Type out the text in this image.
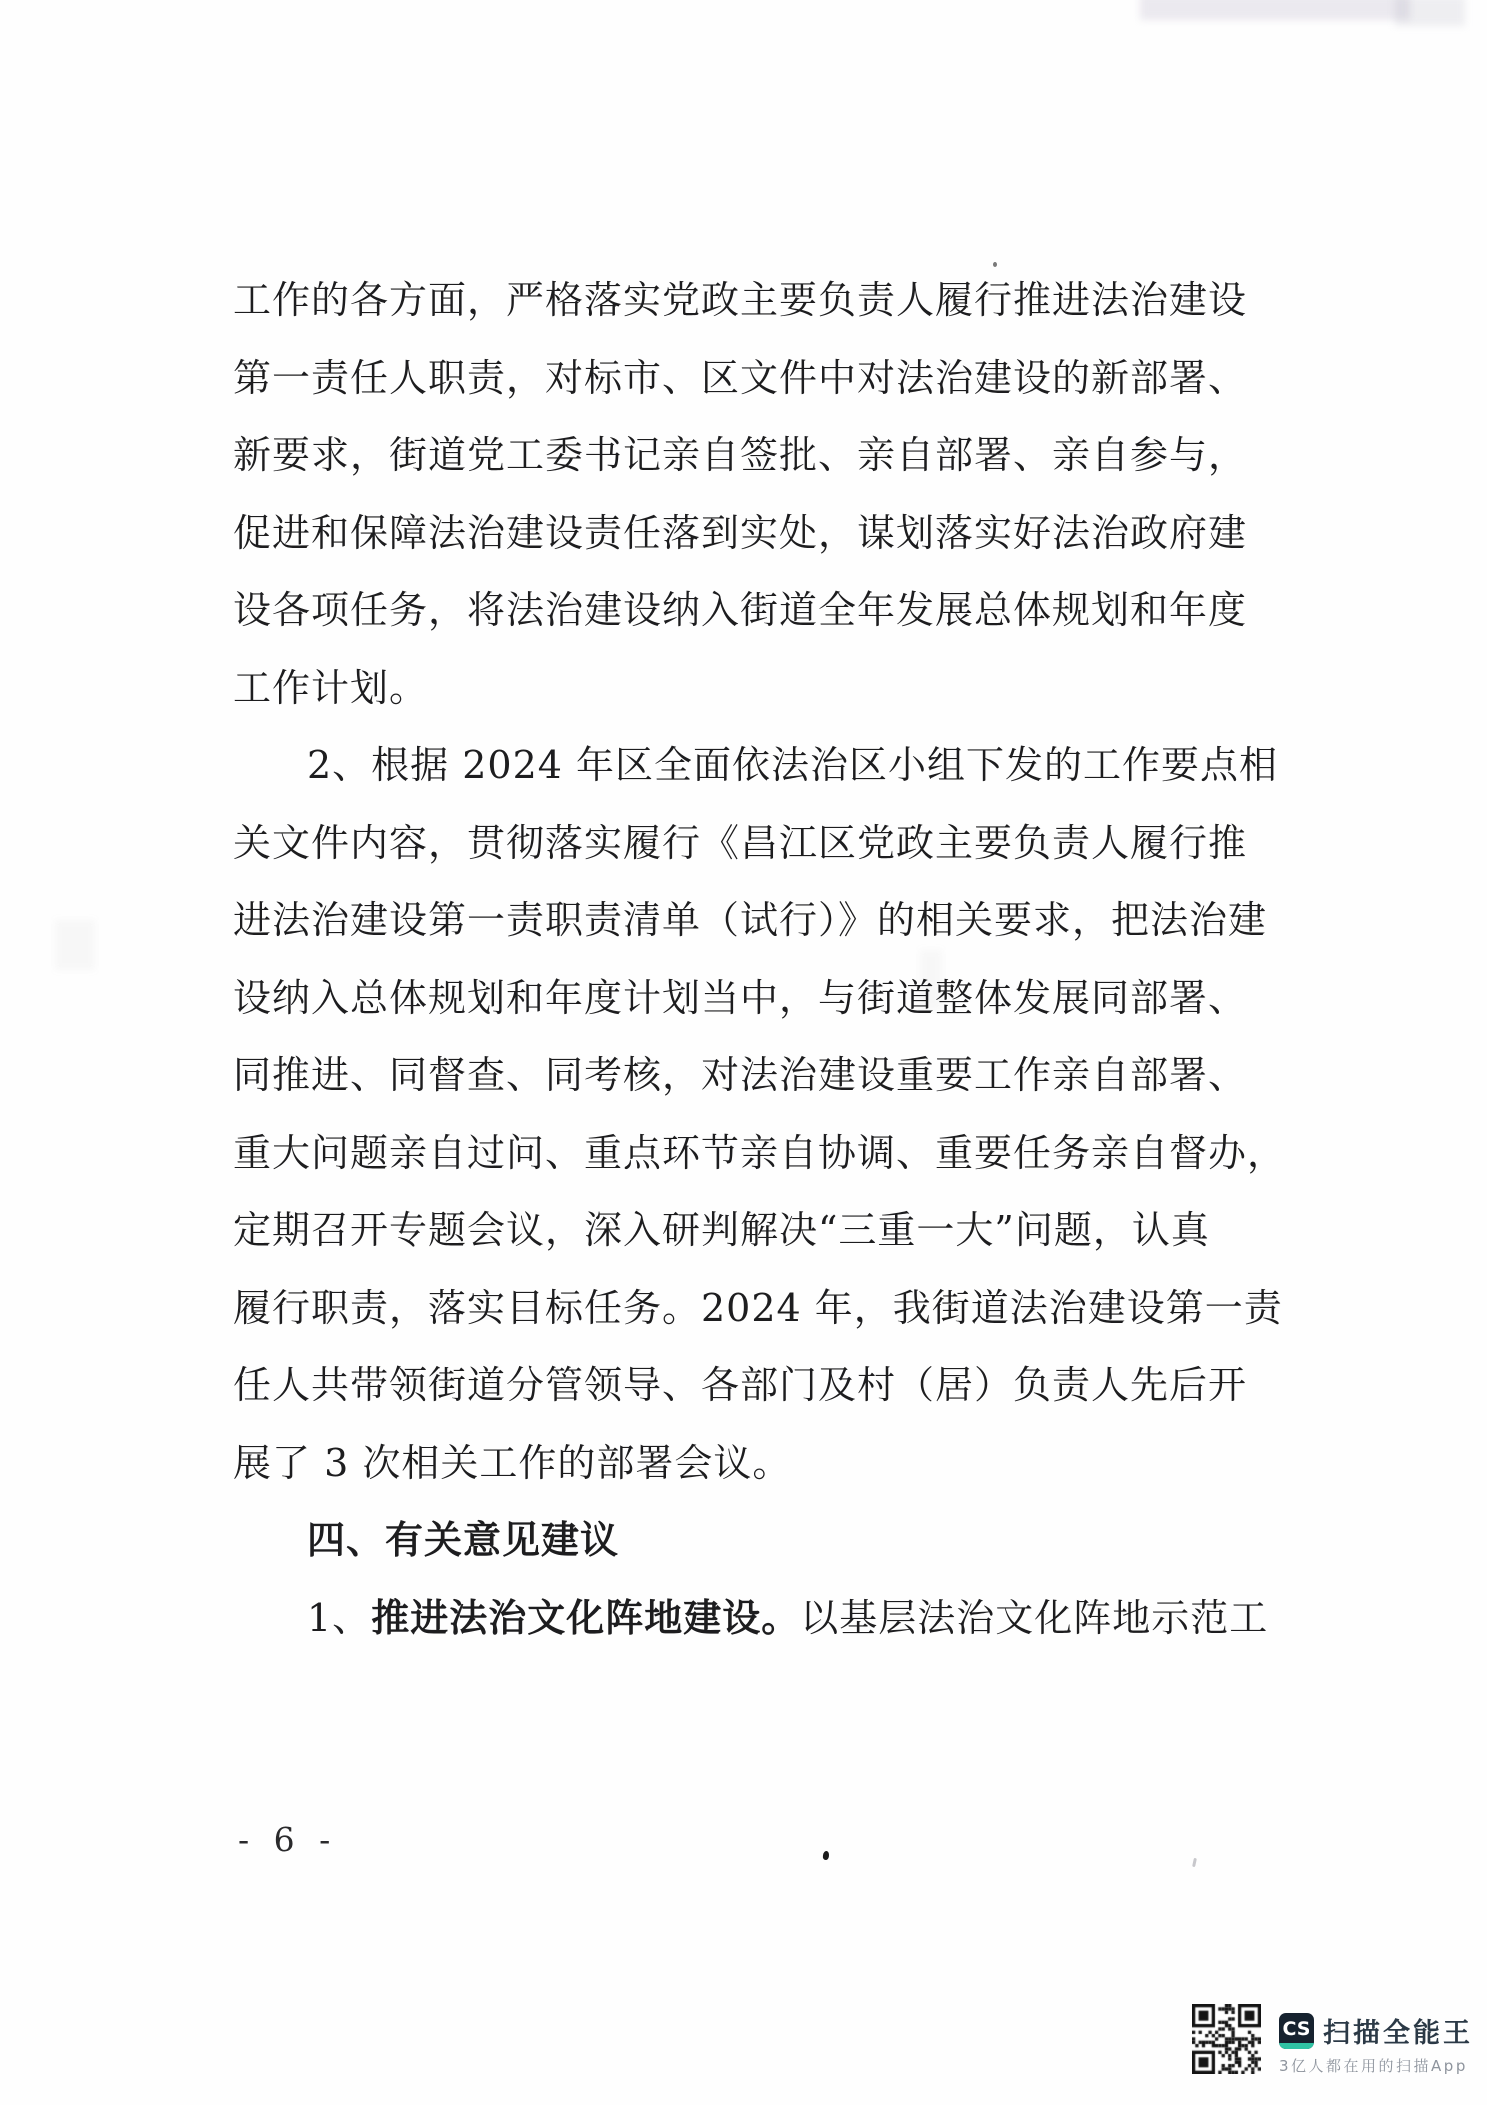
工作的各方面，严格落实党政主要负责人履行推进法治建设
第一责任人职责，对标市、区文件中对法治建设的新部署、
新要求，街道党工委书记亲自签批、亲自部署、亲自参与，
促进和保障法治建设责任落到实处，谋划落实好法治政府建
设各项任务，将法治建设纳入街道全年发展总体规划和年度
工作计划。
2、根据 2024 年区全面依法治区小组下发的工作要点相
关文件内容，贯彻落实履行《昌江区党政主要负责人履行推
进法治建设第一责职责清单（试行）》的相关要求，把法治建
设纳入总体规划和年度计划当中，与街道整体发展同部署、
同推进、同督查、同考核，对法治建设重要工作亲自部署、
重大问题亲自过问、重点环节亲自协调、重要任务亲自督办，
定期召开专题会议，深入研判解决“三重一大”问题，认真
履行职责，落实目标任务。2024 年，我街道法治建设第一责
任人共带领街道分管领导、各部门及村（居）负责人先后开
展了 3 次相关工作的部署会议。
四、有关意见建议
1、推进法治文化阵地建设。以基层法治文化阵地示范工
- 6 -
CS 扫描全能王
3亿人都在用的扫描App
